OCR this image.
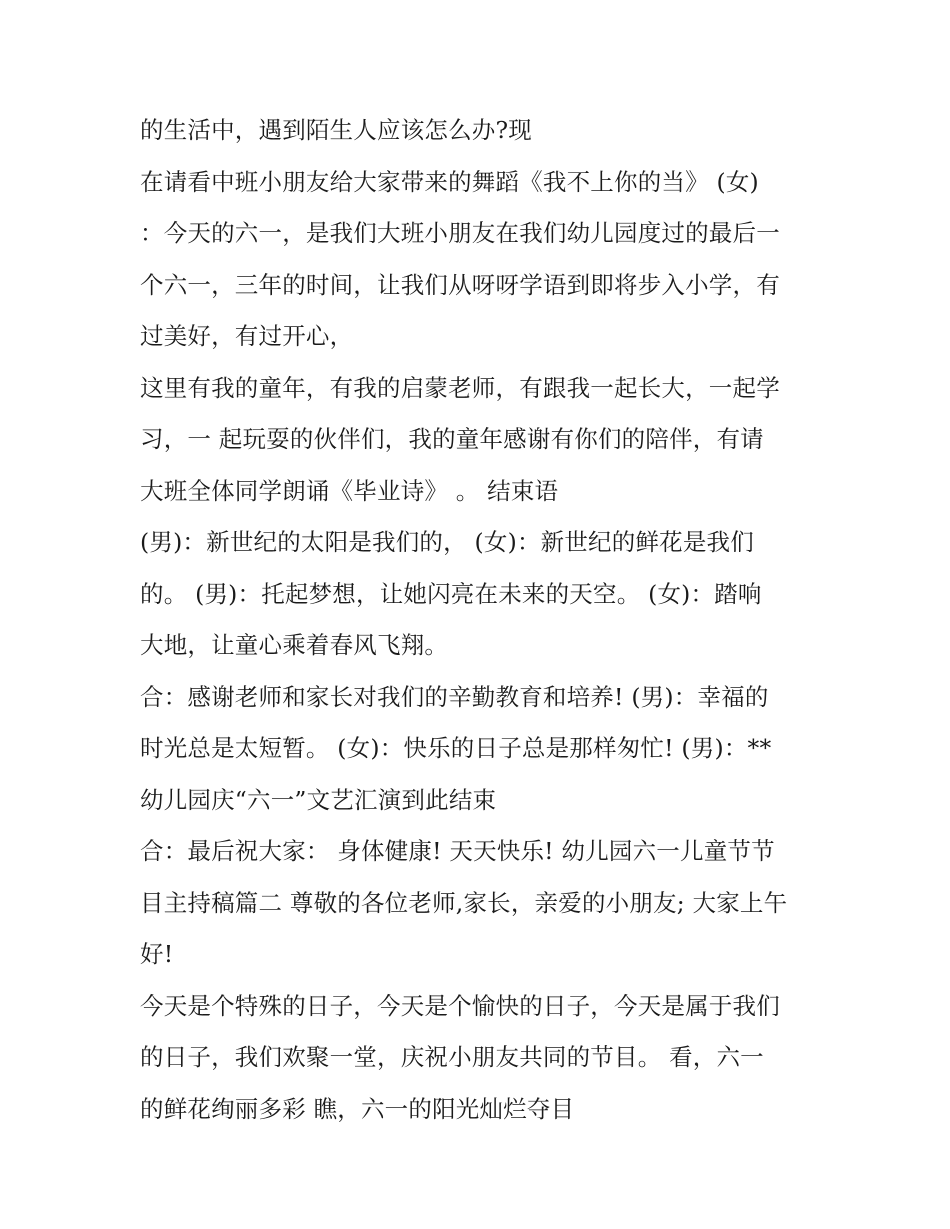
的生活中，遇到陌生人应该怎么办?现
在请看中班小朋友给大家带来的舞蹈《我不上你的当》 (女)
：今天的六一，是我们大班小朋友在我们幼儿园度过的最后一
个六一，三年的时间，让我们从呀呀学语到即将步入小学，有
过美好，有过开心，
这里有我的童年，有我的启蒙老师，有跟我一起长大，一起学
习，一 起玩耍的伙伴们，我的童年感谢有你们的陪伴，有请
大班全体同学朗诵《毕业诗》 。 结束语
(男)：新世纪的太阳是我们的， (女)：新世纪的鲜花是我们
的。 (男)：托起梦想，让她闪亮在未来的天空。 (女)：踏响
大地，让童心乘着春风飞翔。
合：感谢老师和家长对我们的辛勤教育和培养! (男)：幸福的
时光总是太短暂。 (女)：快乐的日子总是那样匆忙! (男)：**
幼儿园庆“六一”文艺汇演到此结束
合：最后祝大家： 身体健康! 天天快乐! 幼儿园六一儿童节节
目主持稿篇二 尊敬的各位老师,家长，亲爱的小朋友; 大家上午
好!
今天是个特殊的日子，今天是个愉快的日子，今天是属于我们
的日子，我们欢聚一堂，庆祝小朋友共同的节目。 看，六一
的鲜花绚丽多彩 瞧，六一的阳光灿烂夺目
